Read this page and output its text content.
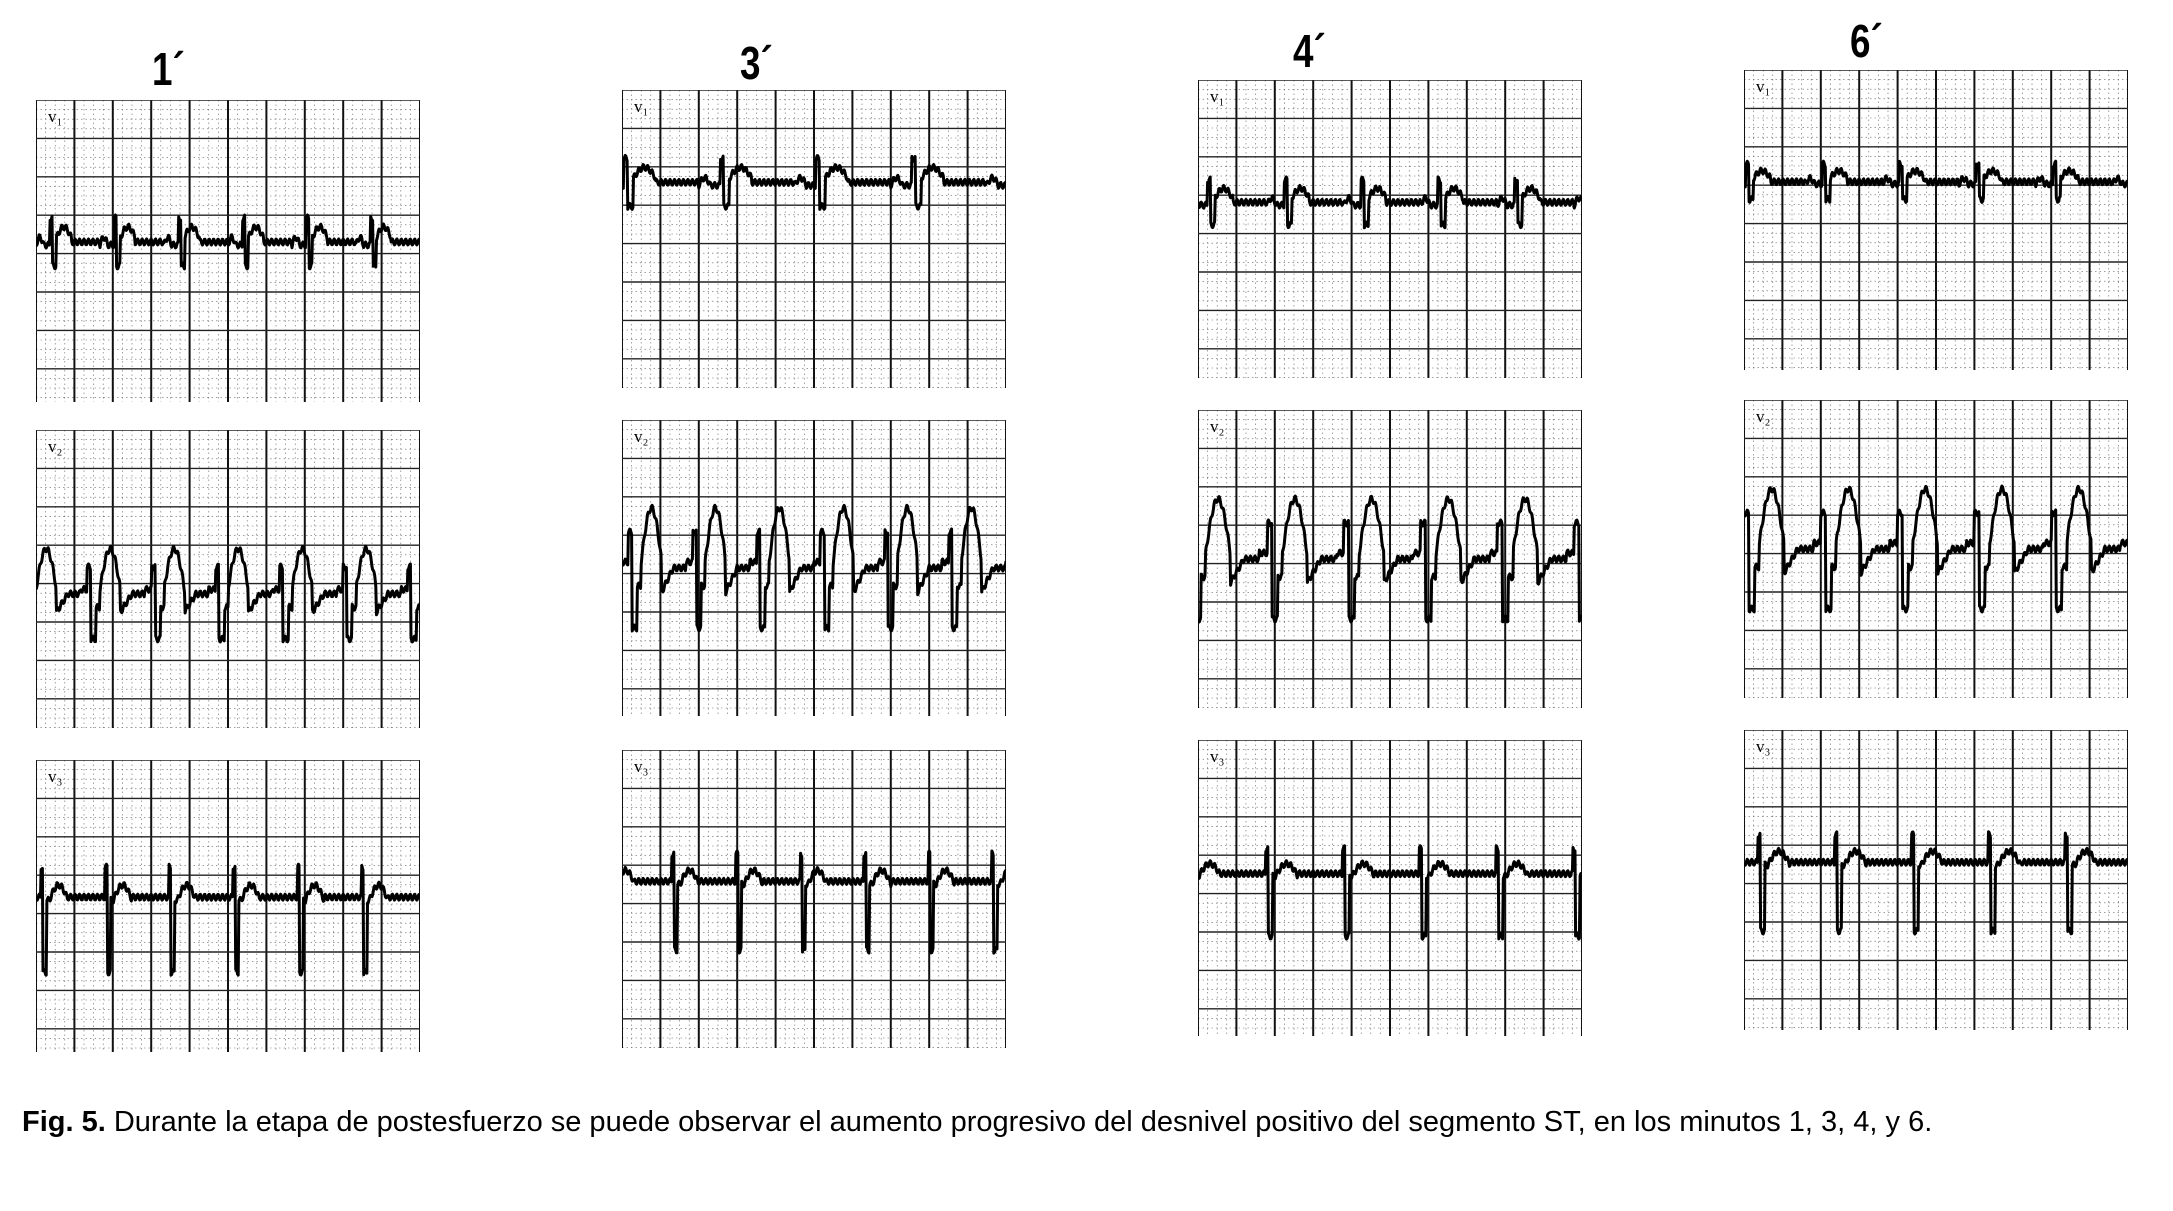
1´	3´	4´	6´
v₁
v₂
v₃
v₁
v₂
v₃
v₁
v₂
v₃
v₁
v₂
v₃
Fig. 5. Durante la etapa de postesfuerzo se puede observar el aumento progresivo del desnivel positivo del segmento ST, en los minutos 1, 3, 4, y 6.
